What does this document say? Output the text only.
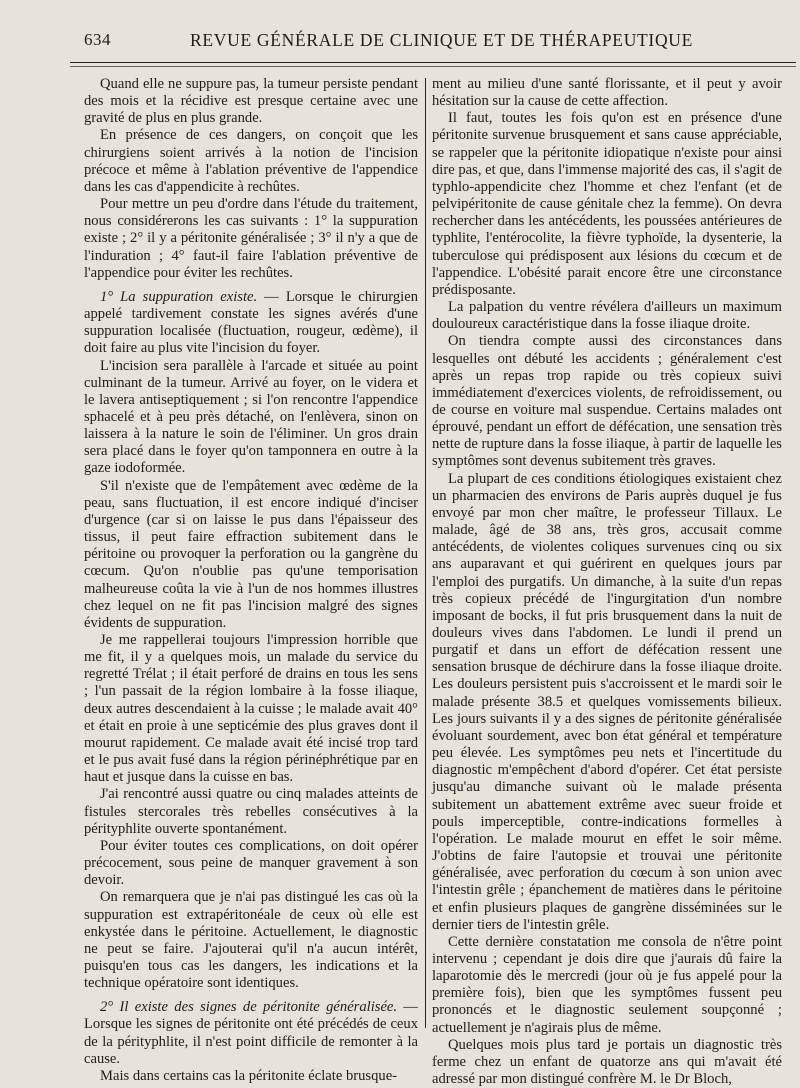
634	REVUE GÉNÉRALE DE CLINIQUE ET DE THÉRAPEUTIQUE

Quand elle ne suppure pas, la tumeur persiste pendant des mois et la récidive est presque certaine avec une gravité de plus en plus grande.

En présence de ces dangers, on conçoit que les chirurgiens soient arrivés à la notion de l'incision précoce et même à l'ablation préventive de l'appendice dans les cas d'appendicite à rechûtes.

Pour mettre un peu d'ordre dans l'étude du traitement, nous considérerons les cas suivants : 1° la suppuration existe ; 2° il y a péritonite généralisée ; 3° il n'y a que de l'induration ; 4° faut-il faire l'ablation préventive de l'appendice pour éviter les rechûtes.

1° La suppuration existe. — Lorsque le chirurgien appelé tardivement constate les signes avérés d'une suppuration localisée (fluctuation, rougeur, œdème), il doit faire au plus vite l'incision du foyer.

L'incision sera parallèle à l'arcade et située au point culminant de la tumeur. Arrivé au foyer, on le videra et le lavera antiseptiquement ; si l'on rencontre l'appendice sphacelé et à peu près détaché, on l'enlèvera, sinon on laissera à la nature le soin de l'éliminer. Un gros drain sera placé dans le foyer qu'on tamponnera en outre à la gaze iodoformée.

S'il n'existe que de l'empâtement avec œdème de la peau, sans fluctuation, il est encore indiqué d'inciser d'urgence (car si on laisse le pus dans l'épaisseur des tissus, il peut faire effraction subitement dans le péritoine ou provoquer la perforation ou la gangrène du cœcum. Qu'on n'oublie pas qu'une temporisation malheureuse coûta la vie à l'un de nos hommes illustres chez lequel on ne fit pas l'incision malgré des signes évidents de suppuration.

Je me rappellerai toujours l'impression horrible que me fit, il y a quelques mois, un malade du service du regretté Trélat ; il était perforé de drains en tous les sens ; l'un passait de la région lombaire à la fosse iliaque, deux autres descendaient à la cuisse ; le malade avait 40° et était en proie à une septicémie des plus graves dont il mourut rapidement. Ce malade avait été incisé trop tard et le pus avait fusé dans la région périnéphrétique par en haut et jusque dans la cuisse en bas.

J'ai rencontré aussi quatre ou cinq malades atteints de fistules stercorales très rebelles consécutives à la pérityphlite ouverte spontanément.

Pour éviter toutes ces complications, on doit opérer précocement, sous peine de manquer gravement à son devoir.

On remarquera que je n'ai pas distingué les cas où la suppuration est extrapéritonéale de ceux où elle est enkystée dans le péritoine. Actuellement, le diagnostic ne peut se faire. J'ajouterai qu'il n'a aucun intérêt, puisqu'en tous cas les dangers, les indications et la technique opératoire sont identiques.

2° Il existe des signes de péritonite généralisée. — Lorsque les signes de péritonite ont été précédés de ceux de la pérityphlite, il n'est point difficile de remonter à la cause.

Mais dans certains cas la péritonite éclate brusque-

ment au milieu d'une santé florissante, et il peut y avoir hésitation sur la cause de cette affection.

Il faut, toutes les fois qu'on est en présence d'une péritonite survenue brusquement et sans cause appréciable, se rappeler que la péritonite idiopatique n'existe pour ainsi dire pas, et que, dans l'immense majorité des cas, il s'agit de typhlo-appendicite chez l'homme et chez l'enfant (et de pelvipéritonite de cause génitale chez la femme). On devra rechercher dans les antécédents, les poussées antérieures de typhlite, l'entérocolite, la fièvre typhoïde, la dysenterie, la tuberculose qui prédisposent aux lésions du cœcum et de l'appendice. L'obésité parait encore être une circonstance prédisposante.

La palpation du ventre révélera d'ailleurs un maximum douloureux caractéristique dans la fosse iliaque droite.

On tiendra compte aussi des circonstances dans lesquelles ont débuté les accidents ; généralement c'est après un repas trop rapide ou très copieux suivi immédiatement d'exercices violents, de refroidissement, ou de course en voiture mal suspendue. Certains malades ont éprouvé, pendant un effort de défécation, une sensation très nette de rupture dans la fosse iliaque, à partir de laquelle les symptômes sont devenus subitement très graves.

La plupart de ces conditions étiologiques existaient chez un pharmacien des environs de Paris auprès duquel je fus envoyé par mon cher maître, le professeur Tillaux. Le malade, âgé de 38 ans, très gros, accusait comme antécédents, de violentes coliques survenues cinq ou six ans auparavant et qui guérirent en quelques jours par l'emploi des purgatifs. Un dimanche, à la suite d'un repas très copieux précédé de l'ingurgitation d'un nombre imposant de bocks, il fut pris brusquement dans la nuit de douleurs vives dans l'abdomen. Le lundi il prend un purgatif et dans un effort de défécation ressent une sensation brusque de déchirure dans la fosse iliaque droite. Les douleurs persistent puis s'accroissent et le mardi soir le malade présente 38.5 et quelques vomissements bilieux. Les jours suivants il y a des signes de péritonite généralisée évoluant sourdement, avec bon état général et température peu élevée. Les symptômes peu nets et l'incertitude du diagnostic m'empêchent d'abord d'opérer. Cet état persiste jusqu'au dimanche suivant où le malade présenta subitement un abattement extrême avec sueur froide et pouls imperceptible, contre-indications formelles à l'opération. Le malade mourut en effet le soir même. J'obtins de faire l'autopsie et trouvai une péritonite généralisée, avec perforation du cœcum à son union avec l'intestin grêle ; épanchement de matières dans le péritoine et enfin plusieurs plaques de gangrène disséminées sur le dernier tiers de l'intestin grêle.

Cette dernière constatation me consola de n'être point intervenu ; cependant je dois dire que j'aurais dû faire la laparotomie dès le mercredi (jour où je fus appelé pour la première fois), bien que les symptômes fussent peu prononcés et le diagnostic seulement soupçonné ; actuellement je n'agirais plus de même.

Quelques mois plus tard je portais un diagnostic très ferme chez un enfant de quatorze ans qui m'avait été adressé par mon distingué confrère M. le Dr Bloch,
